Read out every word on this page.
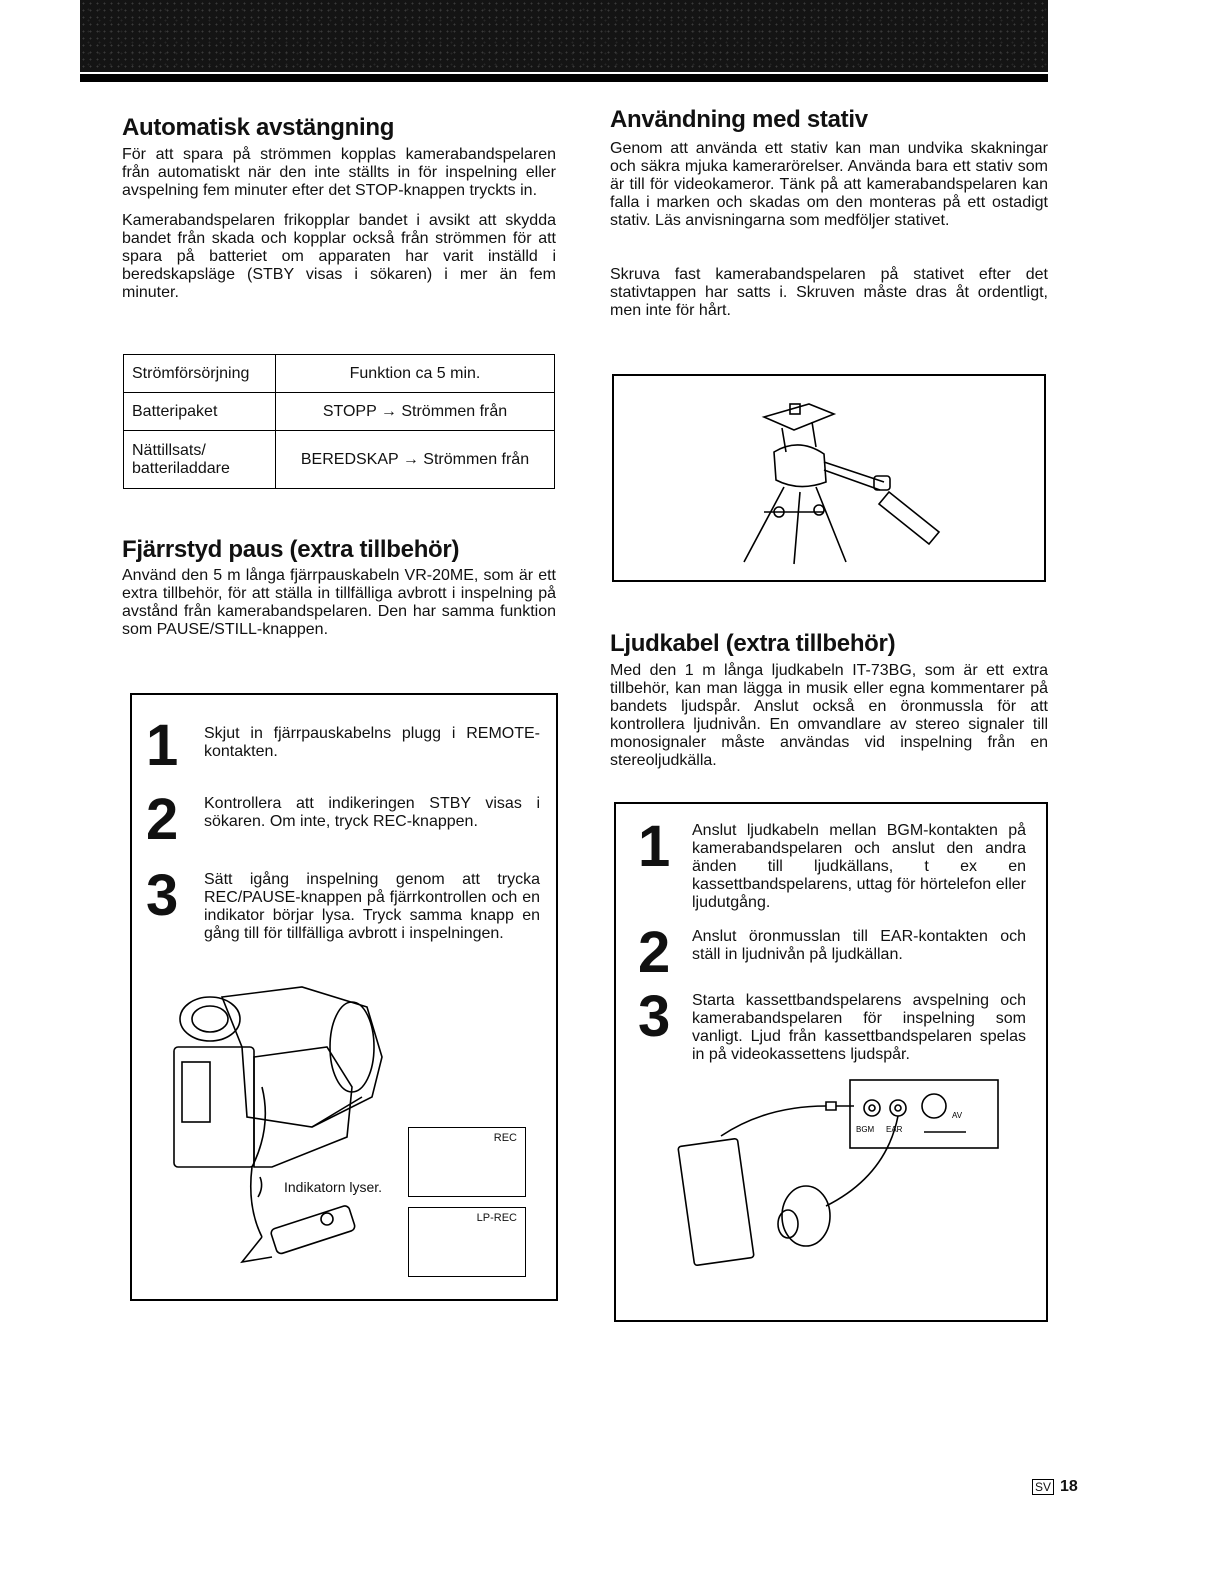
Automatisk avstängning

För att spara på strömmen kopplas kamerabandspelaren från automatiskt när den inte ställts in för inspelning eller avspelning fem minuter efter det STOP-knappen tryckts in.

Kamerabandspelaren frikopplar bandet i avsikt att skydda bandet från skada och kopplar också från strömmen för att spara på batteriet om apparaten har varit inställd i beredskapsläge (STBY visas i sökaren) i mer än fem minuter.

Strömförsörjning	Funktion ca 5 min.
Batteripaket	STOPP → Strömmen från
Nättillsats/ batteriladdare	BEREDSKAP → Strömmen från
Fjärrstyd paus (extra tillbehör)

Använd den 5 m långa fjärrpauskabeln VR-20ME, som är ett extra tillbehör, för att ställa in tillfälliga avbrott i inspelning på avstånd från kamerabandspelaren. Den har samma funktion som PAUSE/STILL-knappen.

1 Skjut in fjärrpauskabelns plugg i REMOTE-kontakten.
2 Kontrollera att indikeringen STBY visas i sökaren. Om inte, tryck REC-knappen.
3 Sätt igång inspelning genom att trycka REC/PAUSE-knappen på fjärrkontrollen och en indikator börjar lysa. Tryck samma knapp en gång till för tillfälliga avbrott i inspelningen.
Indikatorn lyser.
REC
LP-REC
Användning med stativ

Genom att använda ett stativ kan man undvika skakningar och säkra mjuka kamerarörelser. Använda bara ett stativ som är till för videokameror. Tänk på att kamerabandspelaren kan falla i marken och skadas om den monteras på ett ostadigt stativ. Läs anvisningarna som medföljer stativet.

Skruva fast kamerabandspelaren på stativet efter det stativtappen har satts i. Skruven måste dras åt ordentligt, men inte för hårt.

Ljudkabel (extra tillbehör)

Med den 1 m långa ljudkabeln IT-73BG, som är ett extra tillbehör, kan man lägga in musik eller egna kommentarer på bandets ljudspår. Anslut också en öronmussla för att kontrollera ljudnivån. En omvandlare av stereo signaler till monosignaler måste användas vid inspelning från en stereoljudkälla.

1 Anslut ljudkabeln mellan BGM-kontakten på kamerabandspelaren och anslut den andra änden till ljudkällans, t ex en kassettbandspelarens, uttag för hörtelefon eller ljudutgång.
2 Anslut öronmusslan till EAR-kontakten och ställ in ljudnivån på ljudkällan.
3 Starta kassettbandspelarens avspelning och kamerabandspelaren för inspelning som vanligt. Ljud från kassettbandspelaren spelas in på videokassettens ljudspår.
BGM EAR
AV
SV 18
